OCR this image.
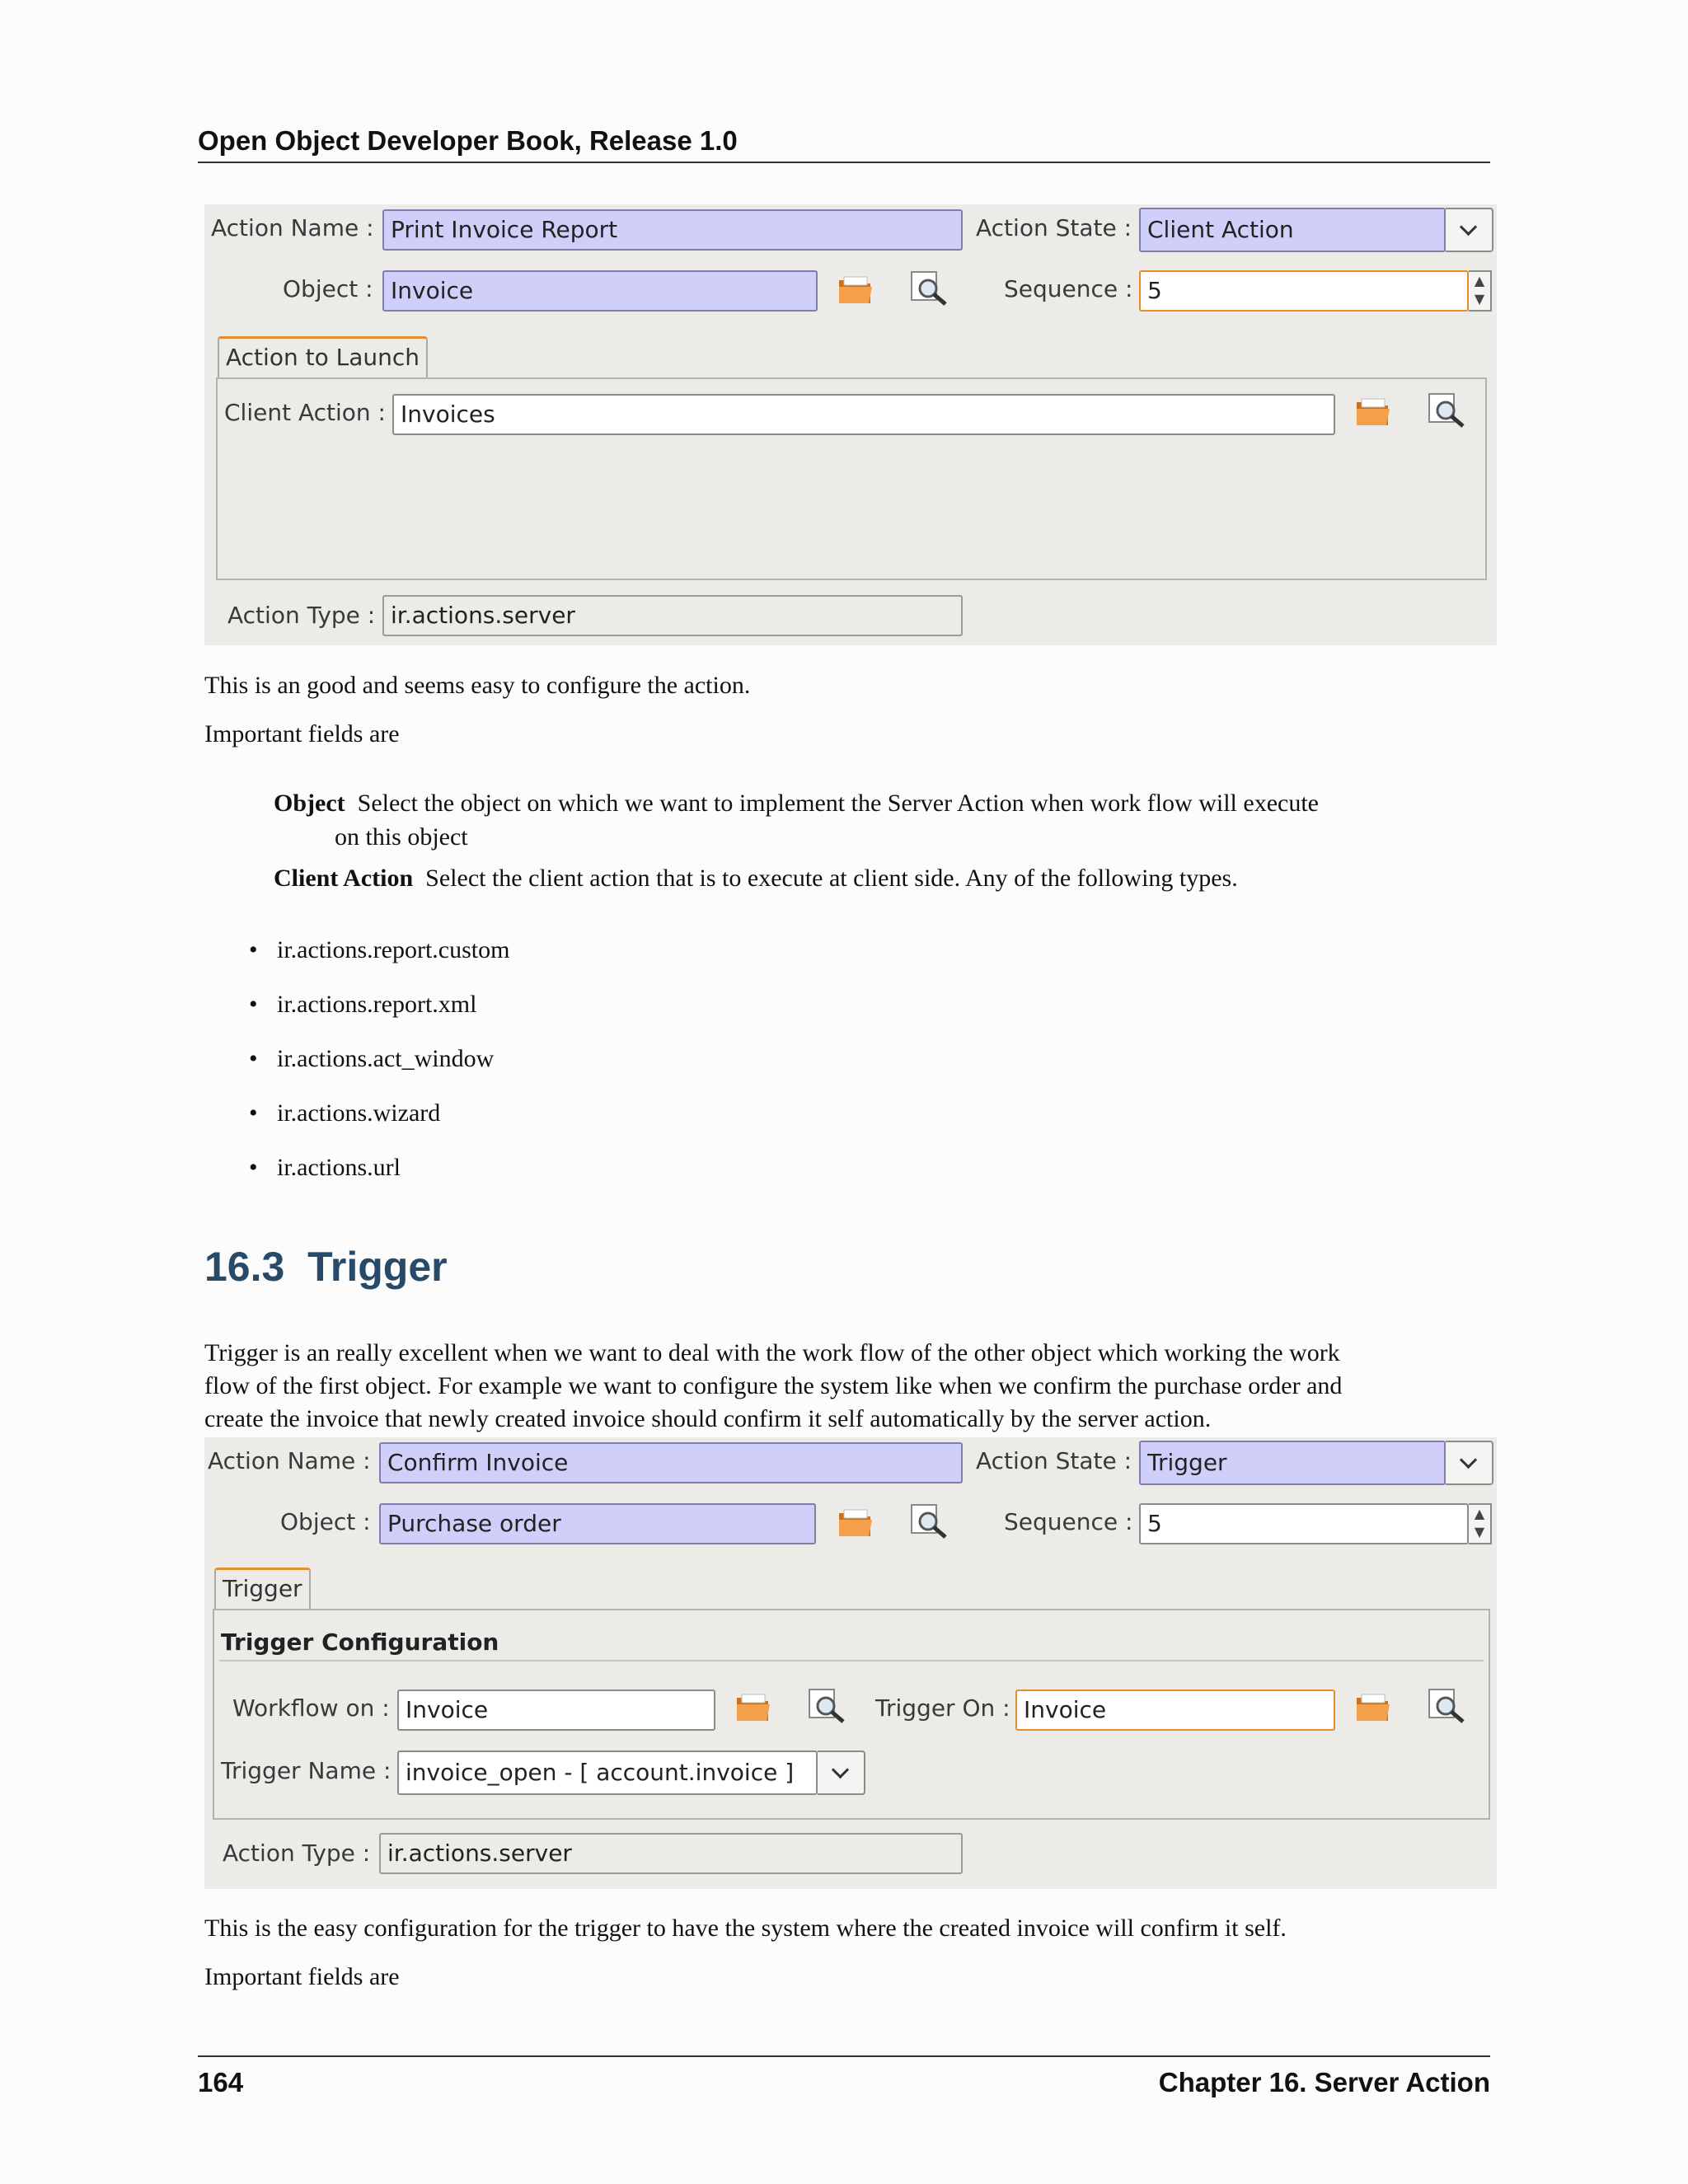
Open Object Developer Book, Release 1.0
Action Name : Print Invoice Report	Action State : Client Action
Object : Invoice	Sequence : 5	▲
▼
Action to Launch
Client Action : Invoices
Action Type : ir.actions.server
This is an good and seems easy to configure the action.
Important fields are
Object Select the object on which we want to implement the Server Action when work flow will execute
on this object
Client Action Select the client action that is to execute at client side. Any of the following types.
• ir.actions.report.custom
• ir.actions.report.xml
• ir.actions.act_window
• ir.actions.wizard
• ir.actions.url
16.3 Trigger
Trigger is an really excellent when we want to deal with the work flow of the other object which working the work
flow of the first object. For example we want to configure the system like when we confirm the purchase order and
create the invoice that newly created invoice should confirm it self automatically by the server action.
Action Name : Confirm Invoice	Action State : Trigger
Object : Purchase order	Sequence : 5	▲
▼
Trigger
Trigger Configuration
Workflow on : Invoice	Trigger On : Invoice
Trigger Name : invoice_open - [ account.invoice ]
Action Type : ir.actions.server
This is the easy configuration for the trigger to have the system where the created invoice will confirm it self.
Important fields are
164	Chapter 16. Server Action
